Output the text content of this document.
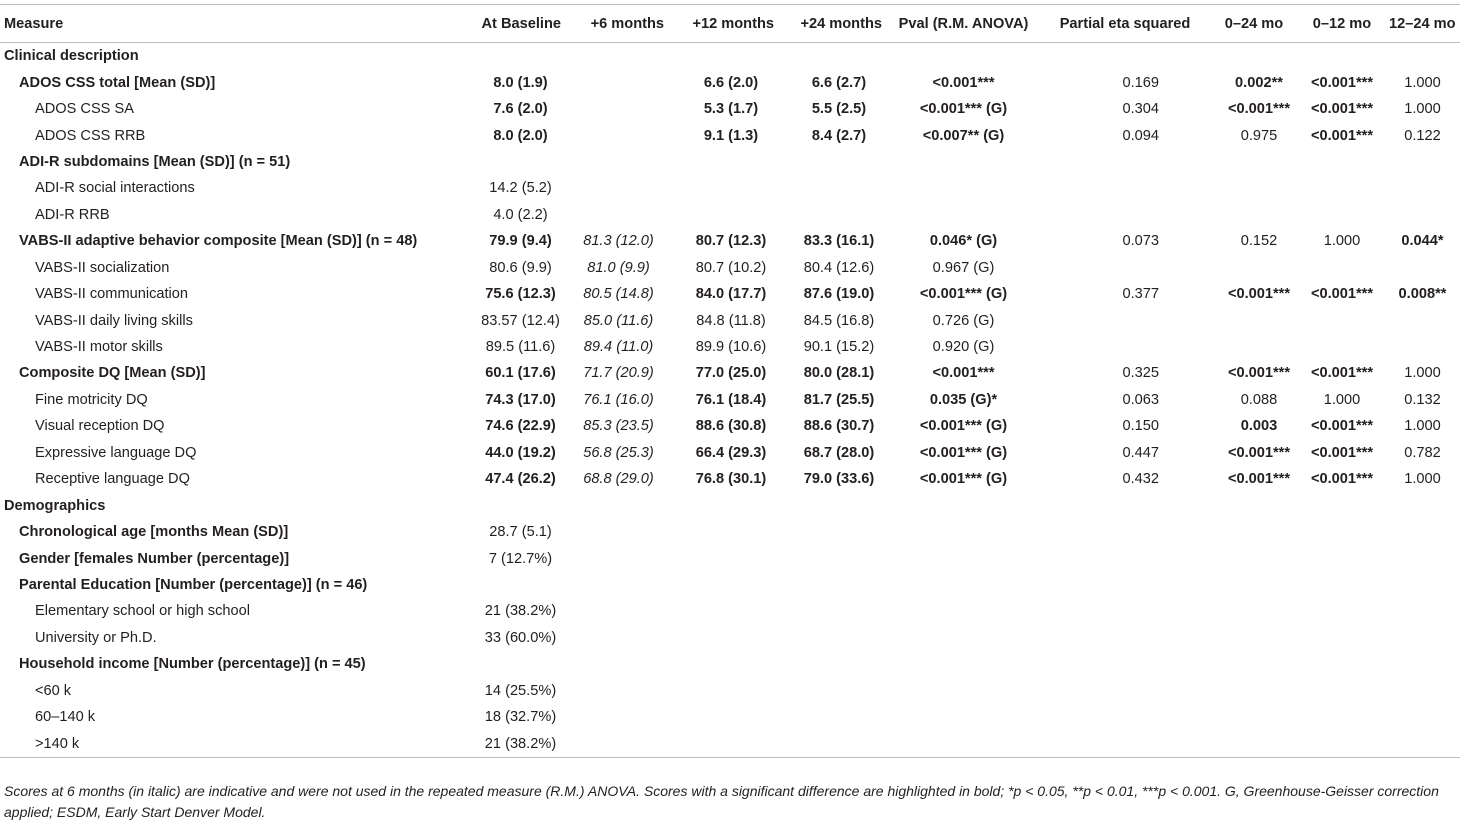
Measure	At Baseline	+6 months	+12 months	+24 months	Pval (R.M. ANOVA)	Partial eta squared	0–24 mo	0–12 mo	12–24 mo
Clinical description									
ADOS CSS total [Mean (SD)]	8.0 (1.9)		6.6 (2.0)	6.6 (2.7)	<0.001***	0.169	0.002**	<0.001***	1.000
ADOS CSS SA	7.6 (2.0)		5.3 (1.7)	5.5 (2.5)	<0.001*** (G)	0.304	<0.001***	<0.001***	1.000
ADOS CSS RRB	8.0 (2.0)		9.1 (1.3)	8.4 (2.7)	<0.007** (G)	0.094	0.975	<0.001***	0.122
ADI-R subdomains [Mean (SD)] (n = 51)									
ADI-R social interactions	14.2 (5.2)								
ADI-R RRB	4.0 (2.2)								
VABS-II adaptive behavior composite [Mean (SD)] (n = 48)	79.9 (9.4)	81.3 (12.0)	80.7 (12.3)	83.3 (16.1)	0.046* (G)	0.073	0.152	1.000	0.044*
VABS-II socialization	80.6 (9.9)	81.0 (9.9)	80.7 (10.2)	80.4 (12.6)	0.967 (G)				
VABS-II communication	75.6 (12.3)	80.5 (14.8)	84.0 (17.7)	87.6 (19.0)	<0.001*** (G)	0.377	<0.001***	<0.001***	0.008**
VABS-II daily living skills	83.57 (12.4)	85.0 (11.6)	84.8 (11.8)	84.5 (16.8)	0.726 (G)				
VABS-II motor skills	89.5 (11.6)	89.4 (11.0)	89.9 (10.6)	90.1 (15.2)	0.920 (G)				
Composite DQ [Mean (SD)]	60.1 (17.6)	71.7 (20.9)	77.0 (25.0)	80.0 (28.1)	<0.001***	0.325	<0.001***	<0.001***	1.000
Fine motricity DQ	74.3 (17.0)	76.1 (16.0)	76.1 (18.4)	81.7 (25.5)	0.035 (G)*	0.063	0.088	1.000	0.132
Visual reception DQ	74.6 (22.9)	85.3 (23.5)	88.6 (30.8)	88.6 (30.7)	<0.001*** (G)	0.150	0.003	<0.001***	1.000
Expressive language DQ	44.0 (19.2)	56.8 (25.3)	66.4 (29.3)	68.7 (28.0)	<0.001*** (G)	0.447	<0.001***	<0.001***	0.782
Receptive language DQ	47.4 (26.2)	68.8 (29.0)	76.8 (30.1)	79.0 (33.6)	<0.001*** (G)	0.432	<0.001***	<0.001***	1.000
Demographics									
Chronological age [months Mean (SD)]	28.7 (5.1)								
Gender [females Number (percentage)]	7 (12.7%)								
Parental Education [Number (percentage)] (n = 46)									
Elementary school or high school	21 (38.2%)								
University or Ph.D.	33 (60.0%)								
Household income [Number (percentage)] (n = 45)									
<60 k	14 (25.5%)								
60–140 k	18 (32.7%)								
>140 k	21 (38.2%)								
Scores at 6 months (in italic) are indicative and were not used in the repeated measure (R.M.) ANOVA. Scores with a significant difference are highlighted in bold; *p < 0.05, **p < 0.01, ***p < 0.001. G, Greenhouse-Geisser correction applied; ESDM, Early Start Denver Model.
